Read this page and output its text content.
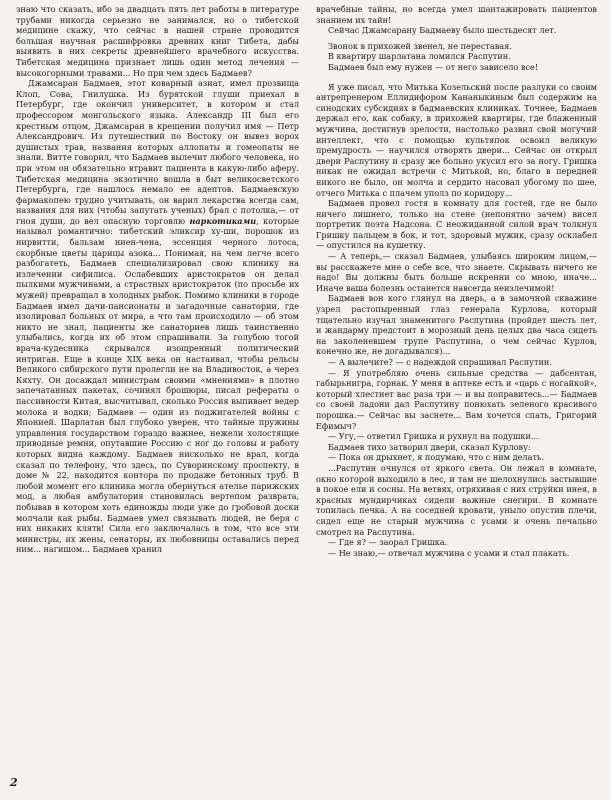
знаю что сказать, ибо за двадцать пять лет работы в литературе трубами никогда серьезно не занимался, но о тибетской медицине скажу, что сейчас в нашей стране проводится большая научная расшифровка древних книг Тибета, дабы выявить в них секреты древнейшего врачебного искусства. Тибетская медицина признает лишь один метод лечения — высокогорными травами... Но при чем здесь Бадмаев?

Джамсаран Бадмаев, этот коварный азиат, имел прозвища Клоп, Сова, Гнилушка. Из бурятской глуши приехал в Петербург, где окончил университет, в котором и стал профессором монгольского языка. Александр III был его крестным отцом, Джамсаран в крещении получил имя — Петр Александрович. Из путешествий по Востоку он вывез ворох душистых трав, названия которых аллопаты и гомеопаты не знали. Витте говорил, что Бадмаев вылечит любого человека, но при этом он обязательно втравит пациента в какую-либо аферу. Тибетская медицина экзотично вошла в быт великосветского Петербурга, где нашлось немало ее адептов. Бадмаевскую фармакопею трудно учитывать, он варил лекарства всегда сам, названия для них (чтобы запутать ученых) брал с потолка,— от гноя души, до вел опасную торговлю наркотиками, которые называл романтично: тибетский эликсир ху-ши, порошок из нирвитти, бальзам ниен-чена, эссенция черного лотоса, скорбные цветы царицы азока... Понимая, на чем легче всего разбогатеть, Бадмаев специализировал свою клинику на излечении сифилиса. Ослабевших аристократов он делал пылкими мужчинами, а страстных аристократок (по просьбе их мужей) превращал в холодных рыбок. Помимо клиники в городе Бадмаев имел дачи-пансионаты и загадочные санатории, где изолировал больных от мира, а что там происходило — об этом никто не знал, пациенты же санаториев лишь таинственно улыбались, когда их об этом спрашивали. За голубою тогой врача-кудесника скрывался изощренный политический интриган. Еще в конце XIX века он настаивал, чтобы рельсы Великого сибирского пути пролегли не на Владивосток, а через Кяхту. Он досаждал министрам своими «мнениями» в плотно запечатанных пакетах, сочинял брошюры, писал рефераты о пассивности Китая, высчитывал, сколько Россия выпивает ведер молока и водки; Бадмаев — один из поджигателей войны с Японией. Шарлатан был глубоко уверен, что тайные пружины управления государством гораздо важнее, нежели холостящие приводные ремни, опутавшие Россию с ног до головы и работу которых видна каждому. Бадмаев нисколько не врал, когда сказал по телефону, что здесь, по Суворинскому проспекту, в доме № 22, находится контора по продаже бетонных труб. В любой момент его клиника могла обернуться ателье парижских мод, а любая амбулатория становилась вертепом разврата, побывав в котором хоть единожды люди уже до гробовой доски молчали как рыбы. Бадмаев умел связывать людей, не беря с них никаких клятв! Сила его заключалась в том, что все эти министры, их жены, сенаторы, их любовницы оставались перед ним... нагишом... Бадмаев хранил

врачебные тайны, но всегда умел шантажировать пациентов знанием их тайн!

Сейчас Джамсарану Бадмаеву было шестьдесят лет.

Звонок в прихожей звенел, не переставая.

В квартиру шарлатана ломился Распутин.

Бадмаев был ему нужен — от него зависело все!

Я уже писал, что Митька Козельский после разлуки со своим антрепренером Еллидифором Кананыкиным был содержим на синодских субсидиях в бадмаевских клиниках. Точнее, Бадмаев держал его, как собаку, в прихожей квартиры, где блаженный мужчина, достигнув зрелости, настолько развил свой могучий интеллект, что с помощью культяпок освоил великую премудрость — научился отворять двери... Сейчас он открыл двери Распутину и сразу же больно укусил его за ногу. Гришка никак не ожидал встречи с Митькой, но, благо в передней никого не было, он молча и сердито насовал убогому по шее, отчего Митька с плачем уполз по коридору...

Бадмаев провел гостя в комнату для гостей, где не было ничего лишнего, только на стене (непонятно зачем) висел портретик поэта Надсона. С неожиданной силой врач толкнул Гришку пальцем в бок, и тот, здоровый мужик, сразу осклабел — опустился на кушетку.

— А теперь,— сказал Бадмаев, улыбаясь широким лицом,— вы расскажете мне о себе все, что знаете. Скрывать ничего не надо! Вы должны быть больше искренни со мною, иначе... Иначе ваша болезнь останется навсегда неизлечимой!

Бадмаев вон кого глянул на дверь, а в замочной скважине узрел растопыренный глаз генерала Курлова, который тщательно изучал знаменитого Распутина (пройдет шесть лет, и жандарму предстоит в морозный день целых два часа сидеть на заколеневшем трупе Распутина, о чем сейчас Курлов, конечно же, не догадывался)...

— А вылечите? — с надеждой спрашивал Распутин.

— Я употребляю очень сильные средства — дабсентан, габырьнигра, горнак. У меня в аптеке есть и «царь с ногайкой», который хлестнет вас раза три — и вы поправитесь...— Бадмаев со своей ладони дал Распутину понюхать зеленого красивого порошка.— Сейчас вы заснете... Вам хочется спать, Григорий Ефимыч?

— Угу,— ответил Гришка и рухнул на подушки...

Бадмаев тихо затворил двери, сказал Курлову:

— Пока он дрыхнет, я подумаю, что с ним делать.

...Распутин очнулся от яркого света. Он лежал в комнате, окно которой выходило в лес, и там не шелохнулись застывшие в покое ели и сосны. На ветвях, отряхивая с них струйки инея, в красных мундирчиках сидели важные снегири. В комнате топилась печка. А на соседней кровати, уныло опустив плечи, сидел еще не старый мужчина с усами и очень печально смотрел на Распутина.

— Где я? — заорал Гришка.

— Не знаю,— отвечал мужчина с усами и стал плакать.

2
